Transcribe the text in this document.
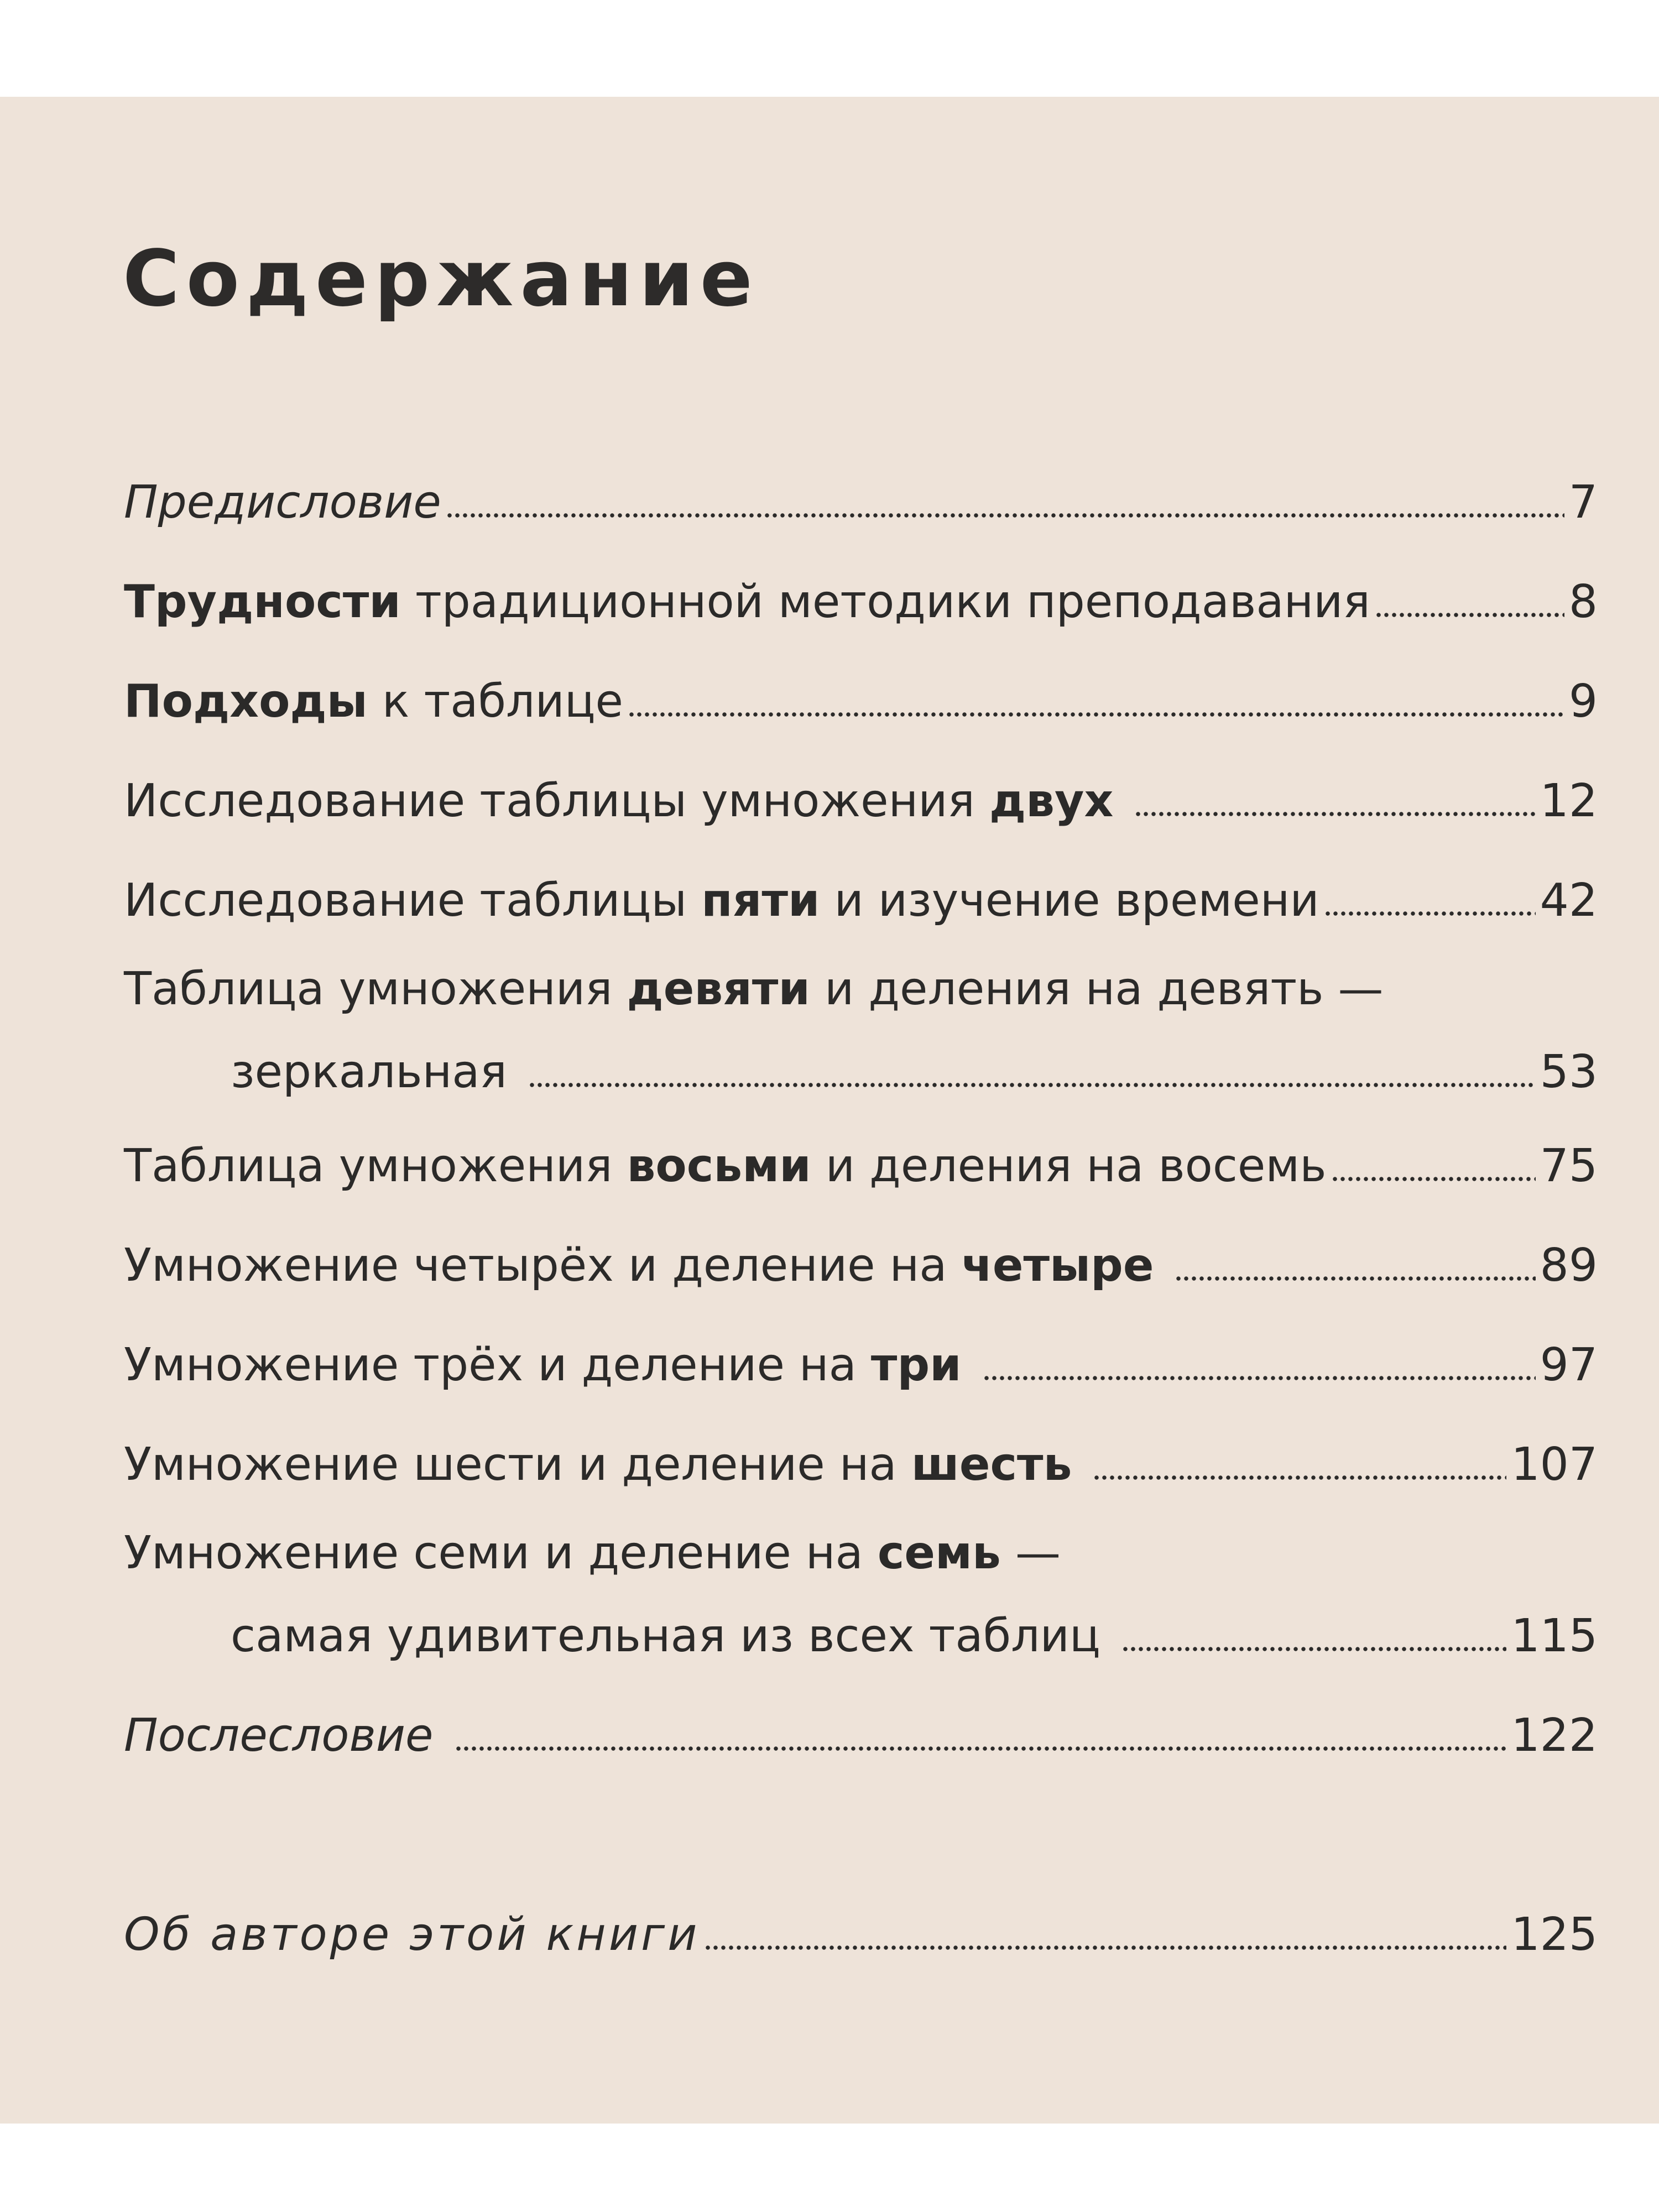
Содержание
Предисловие	7
Трудности традиционной методики преподавания	8
Подходы к таблице	9
Исследование таблицы умножения двух	12
Исследование таблицы пяти и изучение времени	42
Таблица умножения девяти и деления на девять —
зеркальная	53
Таблица умножения восьми и деления на восемь	75
Умножение четырёх и деление на четыре	89
Умножение трёх и деление на три	97
Умножение шести и деление на шесть	107
Умножение семи и деление на семь —
самая удивительная из всех таблиц	115
Послесловие	122
Об авторе этой книги	125
